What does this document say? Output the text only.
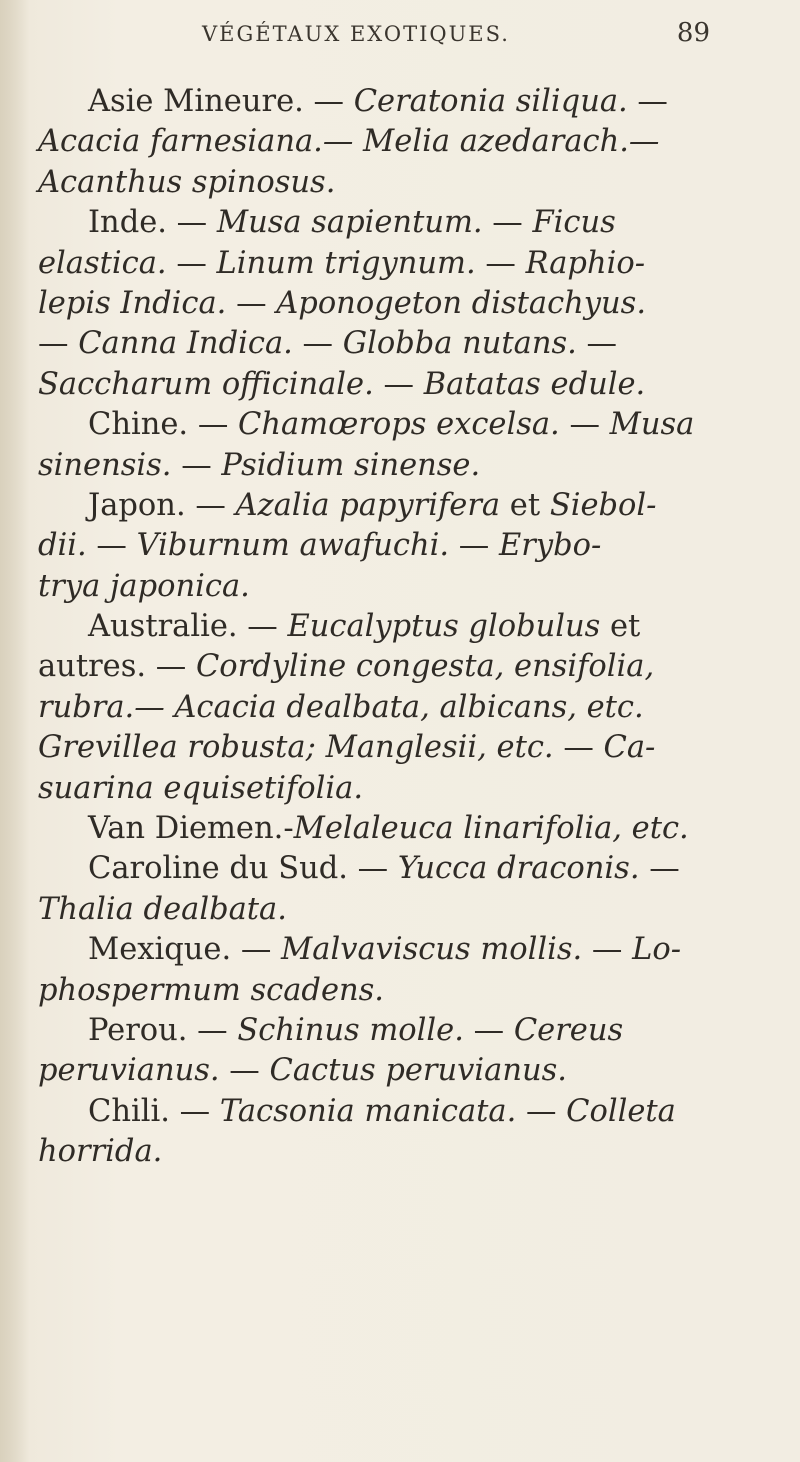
VÉGÉTAUX EXOTIQUES.	89
Asie Mineure. — Ceratonia siliqua. —
Acacia farnesiana.— Melia azedarach.—
Acanthus spinosus.
Inde. — Musa sapientum. — Ficus
elastica. — Linum trigynum. — Raphio-
lepis Indica. — Aponogeton distachyus.
— Canna Indica. — Globba nutans. —
Saccharum officinale. — Batatas edule.
Chine. — Chamœrops excelsa. — Musa
sinensis. — Psidium sinense.
Japon. — Azalia papyrifera et Siebol-
dii. — Viburnum awafuchi. — Erybo-
trya japonica.
Australie. — Eucalyptus globulus et
autres. — Cordyline congesta, ensifolia,
rubra.— Acacia dealbata, albicans, etc.
Grevillea robusta; Manglesii, etc. — Ca-
suarina equisetifolia.
Van Diemen.-Melaleuca linarifolia, etc.
Caroline du Sud. — Yucca draconis. —
Thalia dealbata.
Mexique. — Malvaviscus mollis. — Lo-
phospermum scadens.
Perou. — Schinus molle. — Cereus
peruvianus. — Cactus peruvianus.
Chili. — Tacsonia manicata. — Colleta
horrida.
